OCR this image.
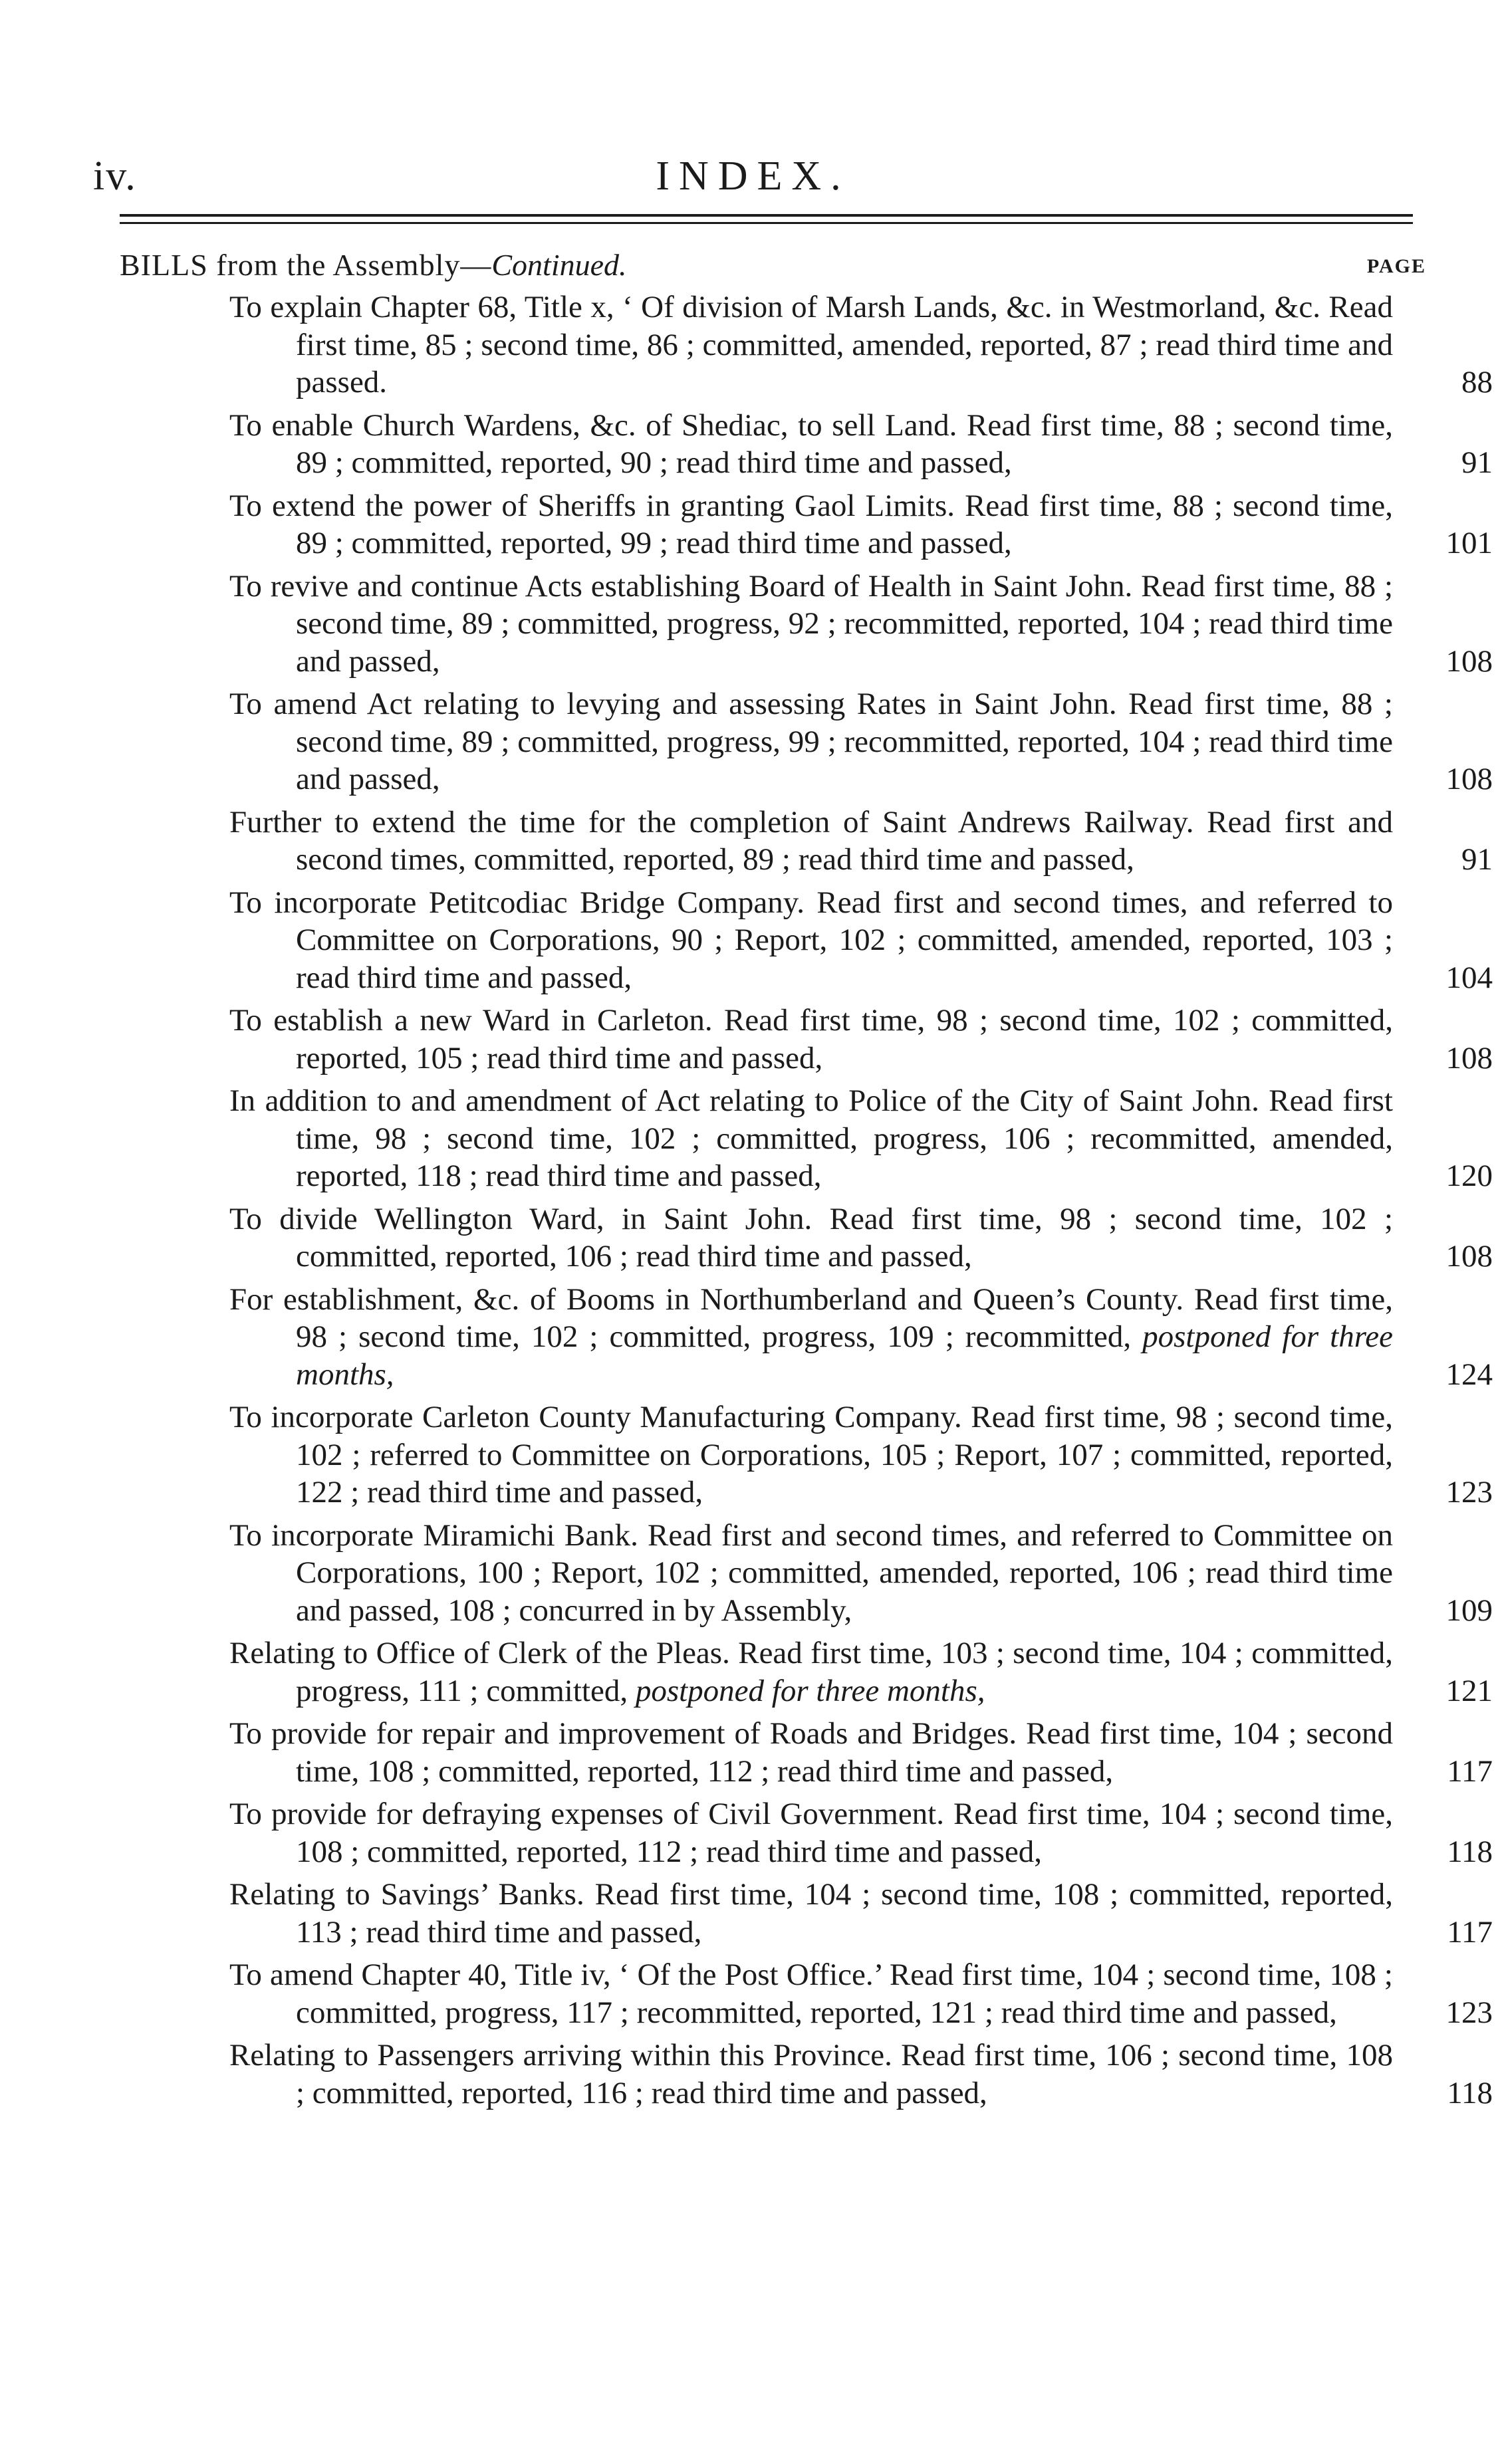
iv.	INDEX.
BILLS from the Assembly—Continued.	PAGE
To explain Chapter 68, Title x, ‘ Of division of Marsh Lands, &c. in Westmorland, &c. Read first time, 85 ; second time, 86 ; committed, amended, reported, 87 ; read third time and passed.	88
To enable Church Wardens, &c. of Shediac, to sell Land. Read first time, 88 ; second time, 89 ; committed, reported, 90 ; read third time and passed,	91
To extend the power of Sheriffs in granting Gaol Limits. Read first time, 88 ; second time, 89 ; committed, reported, 99 ; read third time and passed,	101
To revive and continue Acts establishing Board of Health in Saint John. Read first time, 88 ; second time, 89 ; committed, progress, 92 ; recommitted, reported, 104 ; read third time and passed,	108
To amend Act relating to levying and assessing Rates in Saint John. Read first time, 88 ; second time, 89 ; committed, progress, 99 ; recommitted, reported, 104 ; read third time and passed,	108
Further to extend the time for the completion of Saint Andrews Railway. Read first and second times, committed, reported, 89 ; read third time and passed,	91
To incorporate Petitcodiac Bridge Company. Read first and second times, and referred to Committee on Corporations, 90 ; Report, 102 ; committed, amended, reported, 103 ; read third time and passed,	104
To establish a new Ward in Carleton. Read first time, 98 ; second time, 102 ; committed, reported, 105 ; read third time and passed,	108
In addition to and amendment of Act relating to Police of the City of Saint John. Read first time, 98 ; second time, 102 ; committed, progress, 106 ; recommitted, amended, reported, 118 ; read third time and passed,	120
To divide Wellington Ward, in Saint John. Read first time, 98 ; second time, 102 ; committed, reported, 106 ; read third time and passed,	108
For establishment, &c. of Booms in Northumberland and Queen’s County. Read first time, 98 ; second time, 102 ; committed, progress, 109 ; recommitted, postponed for three months,	124
To incorporate Carleton County Manufacturing Company. Read first time, 98 ; second time, 102 ; referred to Committee on Corporations, 105 ; Report, 107 ; committed, reported, 122 ; read third time and passed,	123
To incorporate Miramichi Bank. Read first and second times, and referred to Committee on Corporations, 100 ; Report, 102 ; committed, amended, reported, 106 ; read third time and passed, 108 ; concurred in by Assembly,	109
Relating to Office of Clerk of the Pleas. Read first time, 103 ; second time, 104 ; committed, progress, 111 ; committed, postponed for three months,	121
To provide for repair and improvement of Roads and Bridges. Read first time, 104 ; second time, 108 ; committed, reported, 112 ; read third time and passed,	117
To provide for defraying expenses of Civil Government. Read first time, 104 ; second time, 108 ; committed, reported, 112 ; read third time and passed,	118
Relating to Savings’ Banks. Read first time, 104 ; second time, 108 ; committed, reported, 113 ; read third time and passed,	117
To amend Chapter 40, Title iv, ‘ Of the Post Office.’ Read first time, 104 ; second time, 108 ; committed, progress, 117 ; recommitted, reported, 121 ; read third time and passed,	123
Relating to Passengers arriving within this Province. Read first time, 106 ; second time, 108 ; committed, reported, 116 ; read third time and passed,	118
